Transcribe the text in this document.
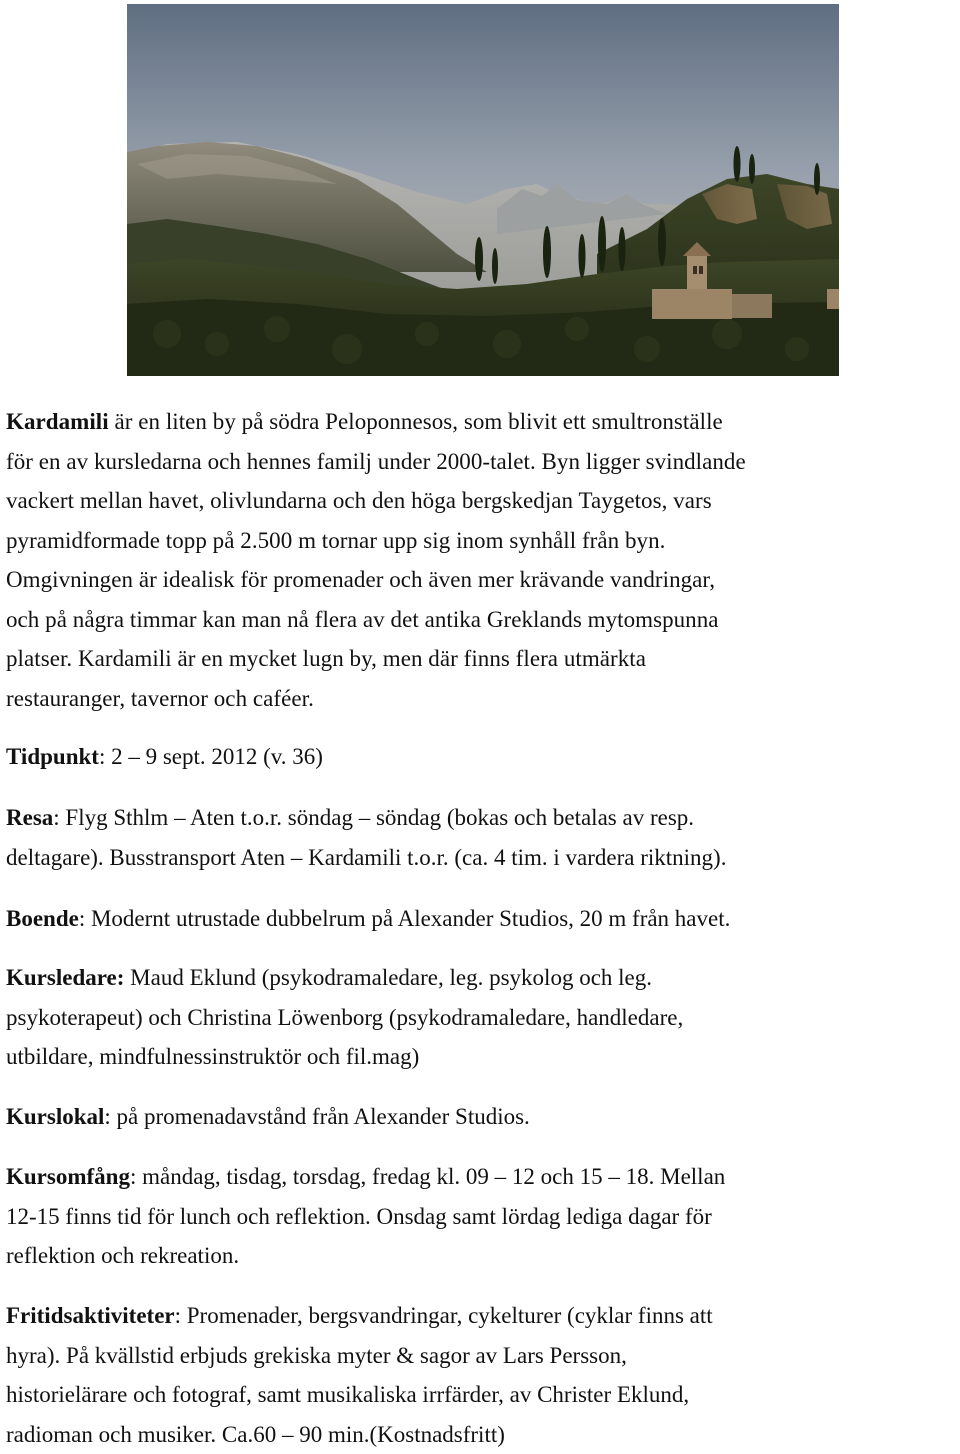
Kardamili är en liten by på södra Peloponnesos, som blivit ett smultronställe
för en av kursledarna och hennes familj under 2000-talet. Byn ligger svindlande
vackert mellan havet, olivlundarna och den höga bergskedjan Taygetos, vars
pyramidformade topp på 2.500 m tornar upp sig inom synhåll från byn.
Omgivningen är idealisk för promenader och även mer krävande vandringar,
och på några timmar kan man nå flera av det antika Greklands mytomspunna
platser. Kardamili är en mycket lugn by, men där finns flera utmärkta
restauranger, tavernor och caféer.

Tidpunkt: 2 – 9 sept. 2012 (v. 36)

Resa: Flyg Sthlm – Aten t.o.r. söndag – söndag (bokas och betalas av resp.
deltagare). Busstransport Aten – Kardamili t.o.r. (ca. 4 tim. i vardera riktning).

Boende: Modernt utrustade dubbelrum på Alexander Studios, 20 m från havet.

Kursledare: Maud Eklund (psykodramaledare, leg. psykolog och leg.
psykoterapeut) och Christina Löwenborg (psykodramaledare, handledare,
utbildare, mindfulnessinstruktör och fil.mag)

Kurslokal: på promenadavstånd från Alexander Studios.

Kursomfång: måndag, tisdag, torsdag, fredag kl. 09 – 12 och 15 – 18. Mellan
12-15 finns tid för lunch och reflektion. Onsdag samt lördag lediga dagar för
reflektion och rekreation.

Fritidsaktiviteter: Promenader, bergsvandringar, cykelturer (cyklar finns att
hyra). På kvällstid erbjuds grekiska myter & sagor av Lars Persson,
historielärare och fotograf, samt musikaliska irrfärder, av Christer Eklund,
radioman och musiker. Ca.60 – 90 min.(Kostnadsfritt)
